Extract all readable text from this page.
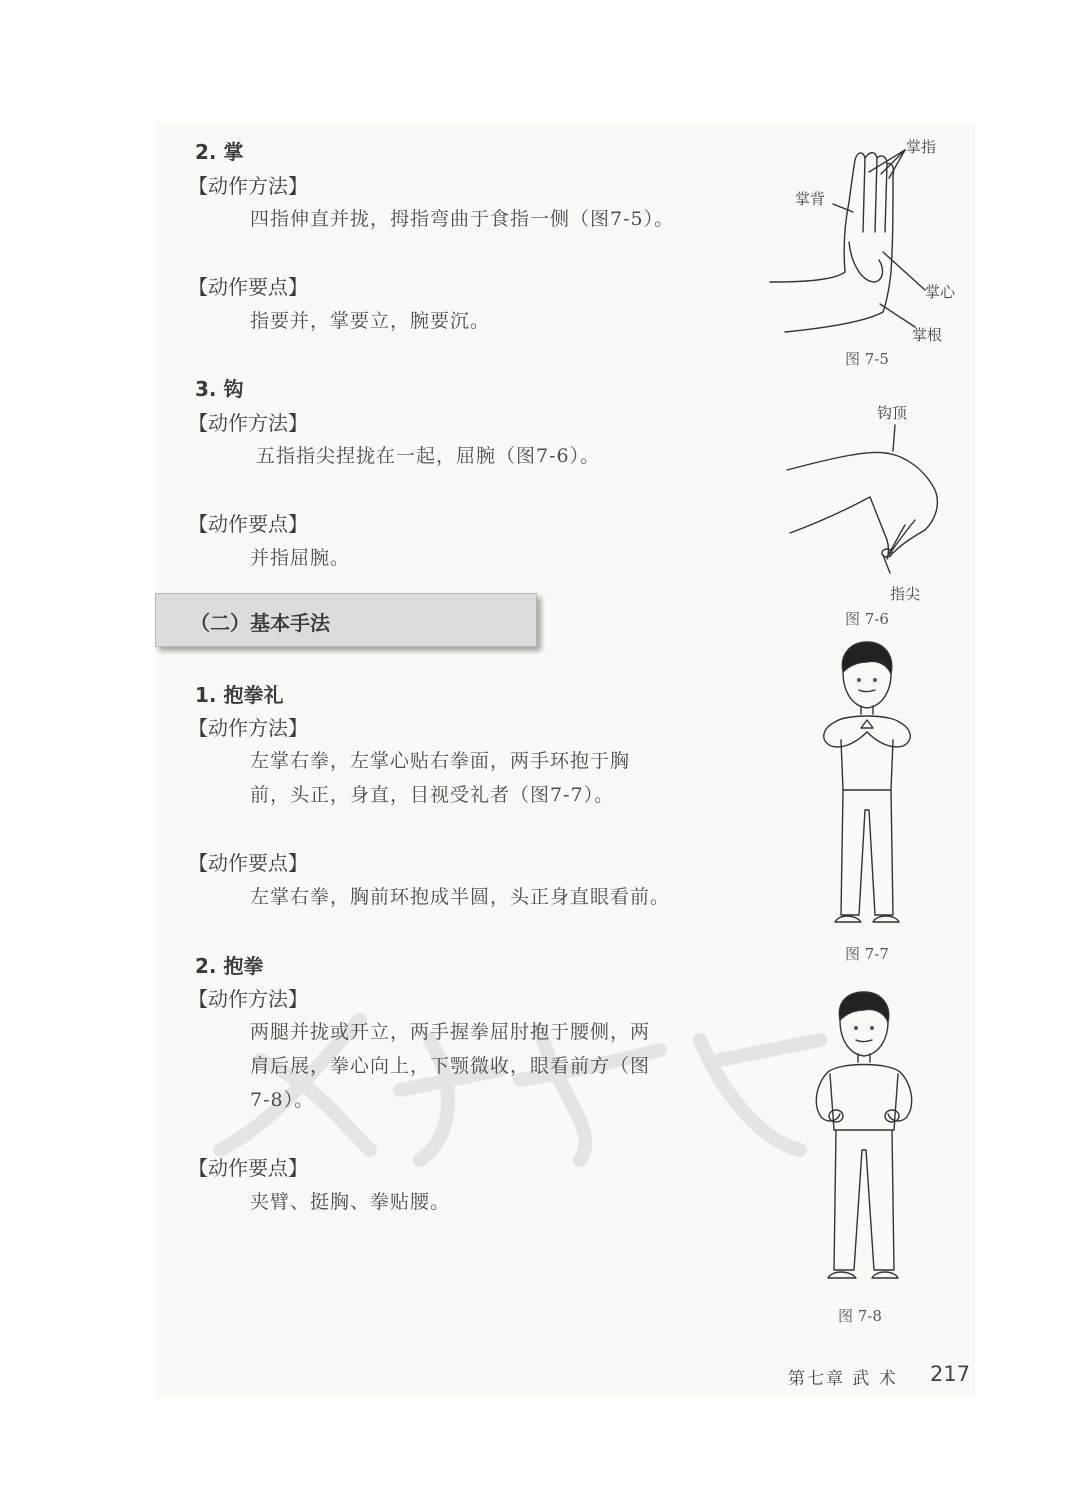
2. 掌
【动作方法】
四指伸直并拢，拇指弯曲于食指一侧（图7-5）。
【动作要点】
指要并，掌要立，腕要沉。
3. 钩
【动作方法】
五指指尖捏拢在一起，屈腕（图7-6）。
【动作要点】
并指屈腕。
（二）基本手法
1. 抱拳礼
【动作方法】
左掌右拳，左掌心贴右拳面，两手环抱于胸
前，头正，身直，目视受礼者（图7-7）。
【动作要点】
左掌右拳，胸前环抱成半圆，头正身直眼看前。
2. 抱拳
【动作方法】
两腿并拢或开立，两手握拳屈肘抱于腰侧，两
肩后展，拳心向上，下颚微收，眼看前方（图
7-8）。
【动作要点】
夹臂、挺胸、拳贴腰。
掌指
掌背
掌心
掌根
图 7-5
钩顶
指尖
图 7-6
图 7-7
图 7-8
第七章 武 术 217
